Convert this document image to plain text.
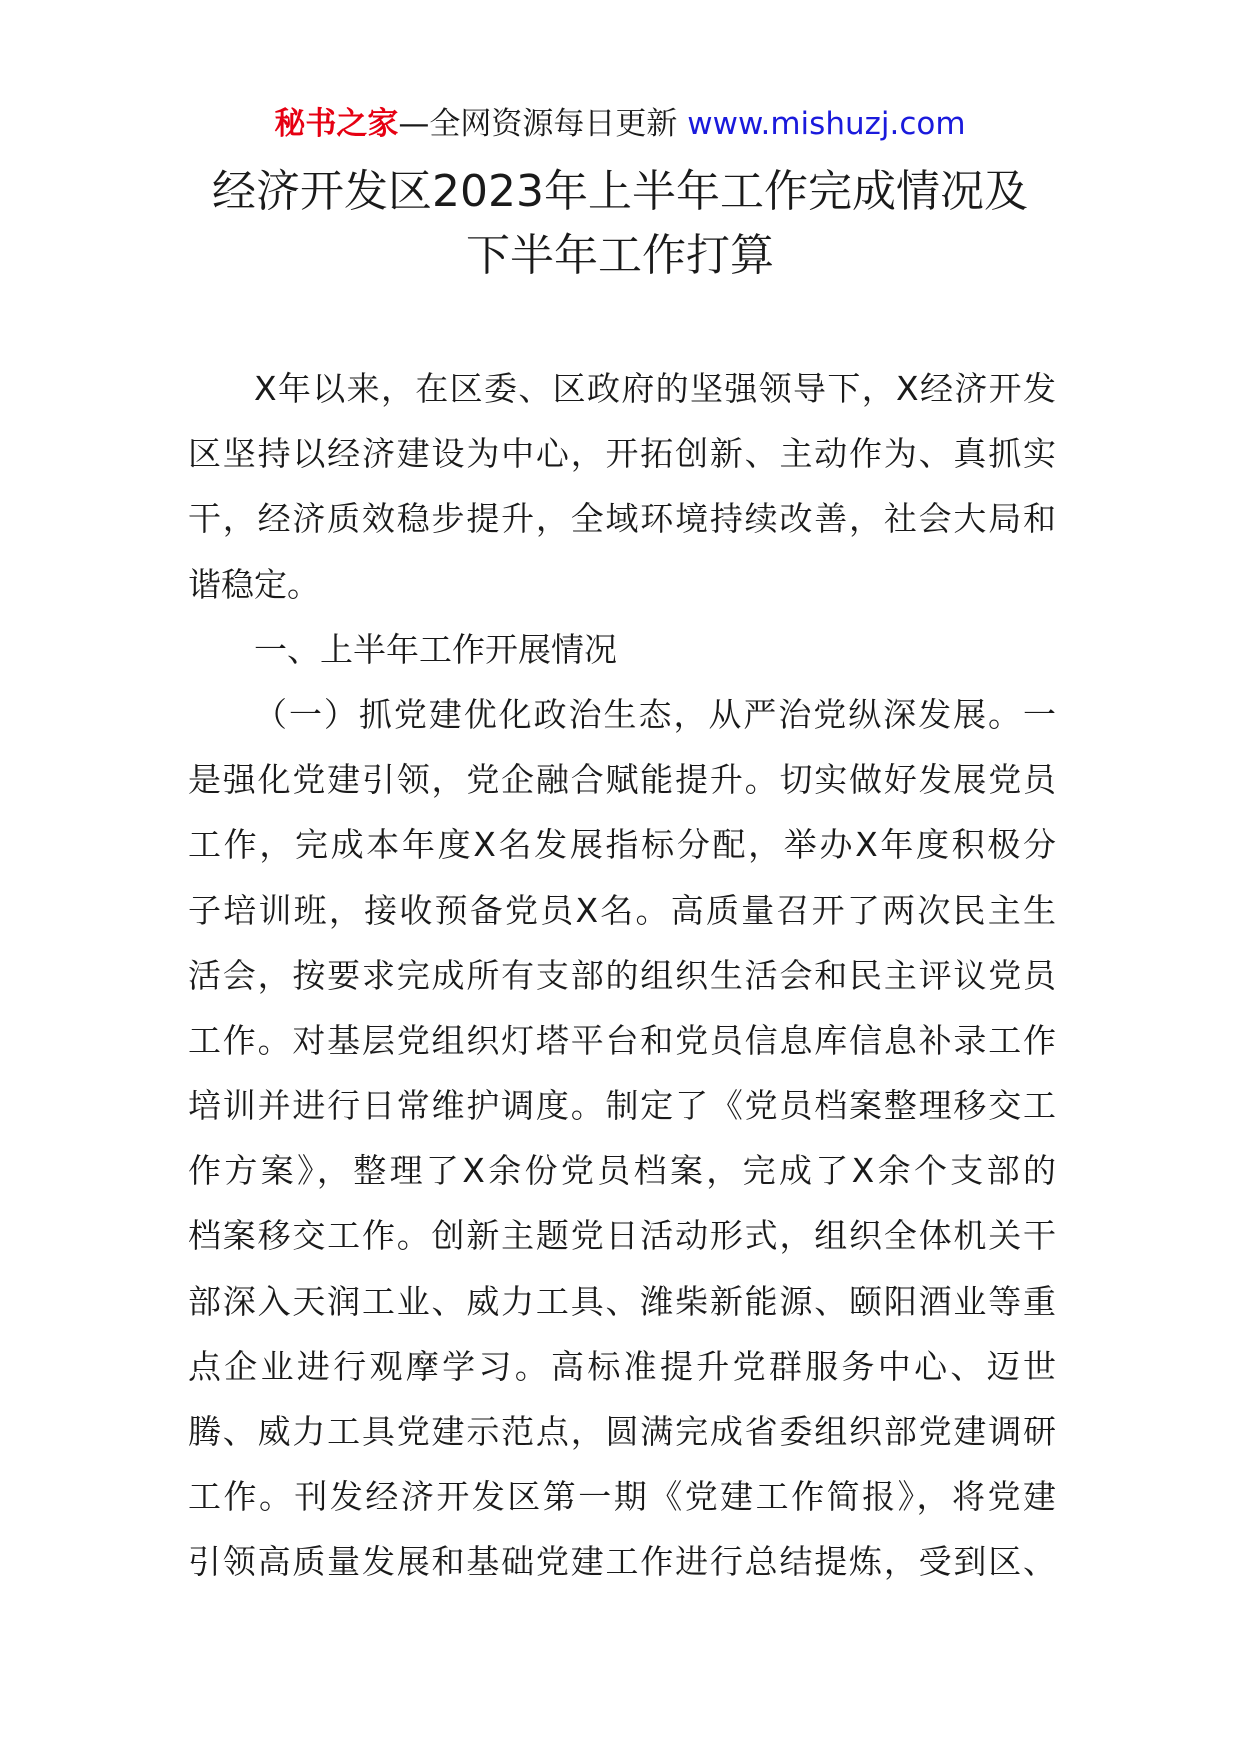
秘书之家—全网资源每日更新 www.mishuzj.com
经济开发区2023年上半年工作完成情况及
下半年工作打算
X年以来，在区委、区政府的坚强领导下，X经济开发
区坚持以经济建设为中心，开拓创新、主动作为、真抓实
干，经济质效稳步提升，全域环境持续改善，社会大局和
谐稳定。
一、上半年工作开展情况
（一）抓党建优化政治生态，从严治党纵深发展。一
是强化党建引领，党企融合赋能提升。切实做好发展党员
工作，完成本年度X名发展指标分配，举办X年度积极分
子培训班，接收预备党员X名。高质量召开了两次民主生
活会，按要求完成所有支部的组织生活会和民主评议党员
工作。对基层党组织灯塔平台和党员信息库信息补录工作
培训并进行日常维护调度。制定了《党员档案整理移交工
作方案》，整理了X余份党员档案，完成了X余个支部的
档案移交工作。创新主题党日活动形式，组织全体机关干
部深入天润工业、威力工具、潍柴新能源、颐阳酒业等重
点企业进行观摩学习。高标准提升党群服务中心、迈世
腾、威力工具党建示范点，圆满完成省委组织部党建调研
工作。刊发经济开发区第一期《党建工作简报》，将党建
引领高质量发展和基础党建工作进行总结提炼，受到区、
